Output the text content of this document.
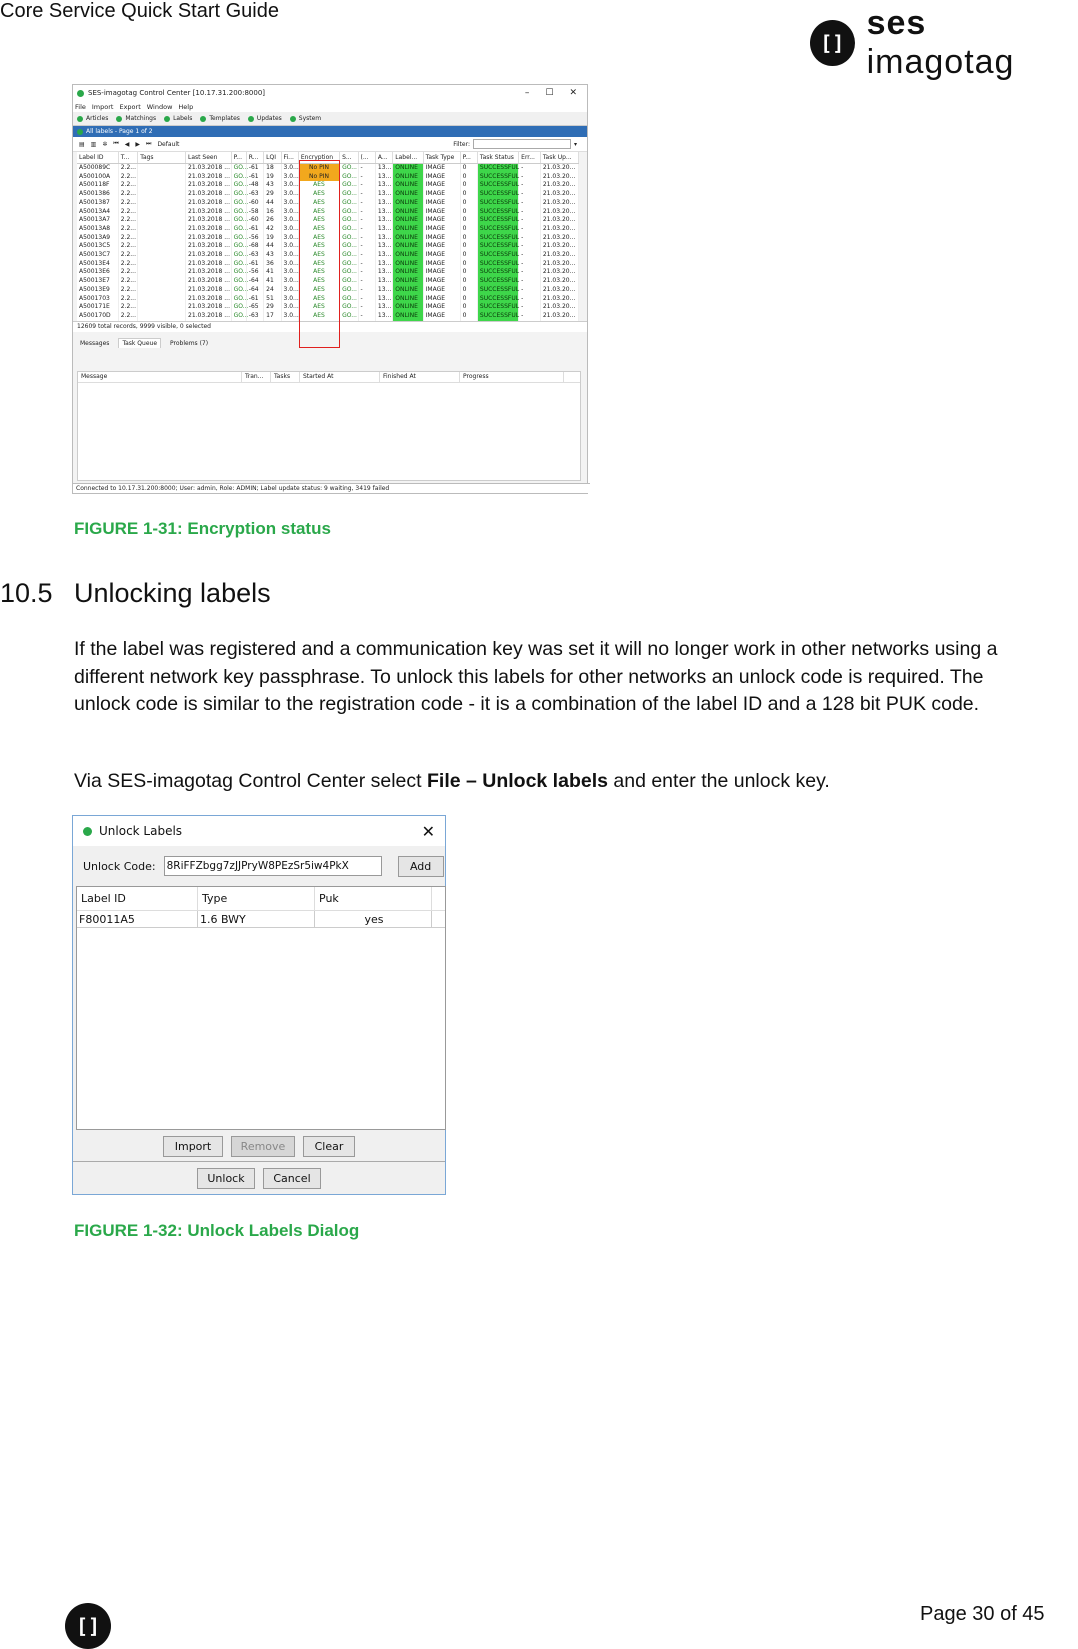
Core Service Quick Start Guide
[]
ses imagotag
SES-imagotag Control Center [10.17.31.200:8000]	– ☐ ✕
File Import Export Window Help
Articles	Matchings	Labels	Templates	Updates	System
All labels - Page 1 of 2
▤ ▥ ✲ ⏮ ◀ ▶ ⏭ Default	Filter:	▾
Label ID	T...	Tags	Last Seen	P...	R...	LQI	Fi...	Encryption	S...	(...	A...	Label...	Task Type	P...	Task Status	Err...	Task Up...
A500089C	2.2...		21.03.2018 ...	GO...	-61	18	3.0...	No PIN	GO...	-	13...	ONLINE	IMAGE	0	SUCCESSFUL	-	21.03.20...
A500100A	2.2...		21.03.2018 ...	GO...	-61	19	3.0...	No PIN	GO...	-	13...	ONLINE	IMAGE	0	SUCCESSFUL	-	21.03.20...
A500118F	2.2...		21.03.2018 ...	GO...	-48	43	3.0...	AES	GO...	-	13...	ONLINE	IMAGE	0	SUCCESSFUL	-	21.03.20...
A5001386	2.2...		21.03.2018 ...	GO...	-63	29	3.0...	AES	GO...	-	13...	ONLINE	IMAGE	0	SUCCESSFUL	-	21.03.20...
A5001387	2.2...		21.03.2018 ...	GO...	-60	44	3.0...	AES	GO...	-	13...	ONLINE	IMAGE	0	SUCCESSFUL	-	21.03.20...
A50013A4	2.2...		21.03.2018 ...	GO...	-58	16	3.0...	AES	GO...	-	13...	ONLINE	IMAGE	0	SUCCESSFUL	-	21.03.20...
A50013A7	2.2...		21.03.2018 ...	GO...	-60	26	3.0...	AES	GO...	-	13...	ONLINE	IMAGE	0	SUCCESSFUL	-	21.03.20...
A50013A8	2.2...		21.03.2018 ...	GO...	-61	42	3.0...	AES	GO...	-	13...	ONLINE	IMAGE	0	SUCCESSFUL	-	21.03.20...
A50013A9	2.2...		21.03.2018 ...	GO...	-56	19	3.0...	AES	GO...	-	13...	ONLINE	IMAGE	0	SUCCESSFUL	-	21.03.20...
A50013C5	2.2...		21.03.2018 ...	GO...	-68	44	3.0...	AES	GO...	-	13...	ONLINE	IMAGE	0	SUCCESSFUL	-	21.03.20...
A50013C7	2.2...		21.03.2018 ...	GO...	-63	43	3.0...	AES	GO...	-	13...	ONLINE	IMAGE	0	SUCCESSFUL	-	21.03.20...
A50013E4	2.2...		21.03.2018 ...	GO...	-61	36	3.0...	AES	GO...	-	13...	ONLINE	IMAGE	0	SUCCESSFUL	-	21.03.20...
A50013E6	2.2...		21.03.2018 ...	GO...	-56	41	3.0...	AES	GO...	-	13...	ONLINE	IMAGE	0	SUCCESSFUL	-	21.03.20...
A50013E7	2.2...		21.03.2018 ...	GO...	-64	41	3.0...	AES	GO...	-	13...	ONLINE	IMAGE	0	SUCCESSFUL	-	21.03.20...
A50013E9	2.2...		21.03.2018 ...	GO...	-64	24	3.0...	AES	GO...	-	13...	ONLINE	IMAGE	0	SUCCESSFUL	-	21.03.20...
A5001703	2.2...		21.03.2018 ...	GO...	-61	51	3.0...	AES	GO...	-	13...	ONLINE	IMAGE	0	SUCCESSFUL	-	21.03.20...
A500171E	2.2...		21.03.2018 ...	GO...	-65	29	3.0...	AES	GO...	-	13...	ONLINE	IMAGE	0	SUCCESSFUL	-	21.03.20...
A500170D	2.2...		21.03.2018 ...	GO...	-63	17	3.0...	AES	GO...	-	13...	ONLINE	IMAGE	0	SUCCESSFUL	-	21.03.20...
12609 total records, 9999 visible, 0 selected
Messages	Task Queue	Problems (7)
Message	Tran...	Tasks	Started At	Finished At	Progress
Connected to 10.17.31.200:8000; User: admin, Role: ADMIN; Label update status: 9 waiting, 3419 failed
FIGURE 1-31: Encryption status
10.5 Unlocking labels
If the label was registered and a communication key was set it will no longer work in other networks using a different network key passphrase. To unlock this labels for other networks an unlock code is required. The unlock code is similar to the registration code - it is a combination of the label ID and a 128 bit PUK code.
Via SES-imagotag Control Center select File – Unlock labels and enter the unlock key.
Unlock Labels	✕
Unlock Code: 8RiFFZbgg7zJJPryW8PEzSr5iw4PkX	Add
Label ID	Type	Puk
F80011A5	1.6 BWY	yes
Import	Remove	Clear
Unlock	Cancel
FIGURE 1-32: Unlock Labels Dialog
[]	Page 30 of 45
